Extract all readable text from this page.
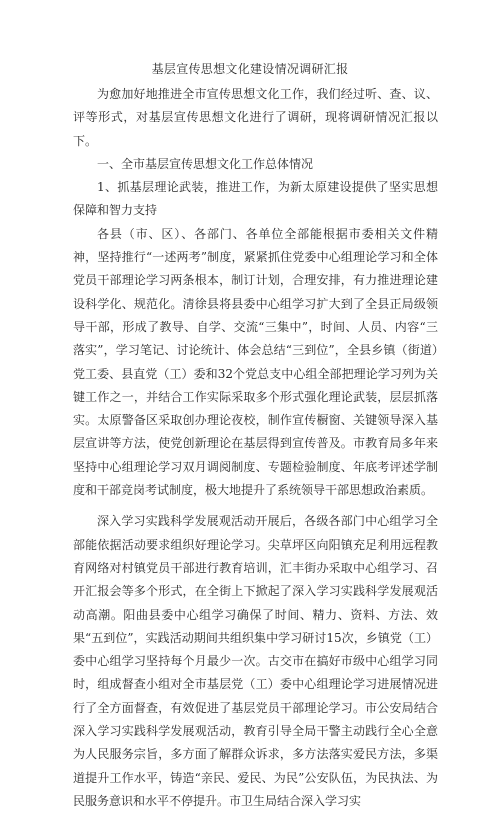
基层宣传思想文化建设情况调研汇报

为愈加好地推进全市宣传思想文化工作，我们经过听、查、议、评等形式，对基层宣传思想文化进行了调研，现将调研情况汇报以下。

一、全市基层宣传思想文化工作总体情况

1、抓基层理论武装，推进工作，为新太原建设提供了坚实思想保障和智力支持

各县（市、区）、各部门、各单位全部能根据市委相关文件精神，坚持推行“一述两考”制度，紧紧抓住党委中心组理论学习和全体党员干部理论学习两条根本，制订计划，合理安排，有力推进理论建设科学化、规范化。清徐县将县委中心组学习扩大到了全县正局级领导干部，形成了教导、自学、交流“三集中”，时间、人员、内容“三落实”，学习笔记、讨论统计、体会总结“三到位”，全县乡镇（街道）党工委、县直党（工）委和32个党总支中心组全部把理论学习列为关键工作之一，并结合工作实际采取多个形式强化理论武装，层层抓落实。太原警备区采取创办理论夜校，制作宣传橱窗、关键领导深入基层宣讲等方法，使党创新理论在基层得到宣传普及。市教育局多年来坚持中心组理论学习双月调阅制度、专题检验制度、年底考评述学制度和干部竞岗考试制度，极大地提升了系统领导干部思想政治素质。

深入学习实践科学发展观活动开展后，各级各部门中心组学习全部能依据活动要求组织好理论学习。尖草坪区向阳镇充足利用远程教育网络对村镇党员干部进行教育培训，汇丰街办采取中心组学习、召开汇报会等多个形式，在全街上下掀起了深入学习实践科学发展观活动高潮。阳曲县委中心组学习确保了时间、精力、资料、方法、效果“五到位”，实践活动期间共组织集中学习研讨15次，乡镇党（工）委中心组学习坚持每个月最少一次。古交市在搞好市级中心组学习同时，组成督查小组对全市基层党（工）委中心组理论学习进展情况进行了全方面督查，有效促进了基层党员干部理论学习。市公安局结合深入学习实践科学发展观活动，教育引导全局干警主动践行全心全意为人民服务宗旨，多方面了解群众诉求，多方法落实爱民方法，多渠道提升工作水平，铸造“亲民、爱民、为民”公安队伍，为民执法、为民服务意识和水平不停提升。市卫生局结合深入学习实
